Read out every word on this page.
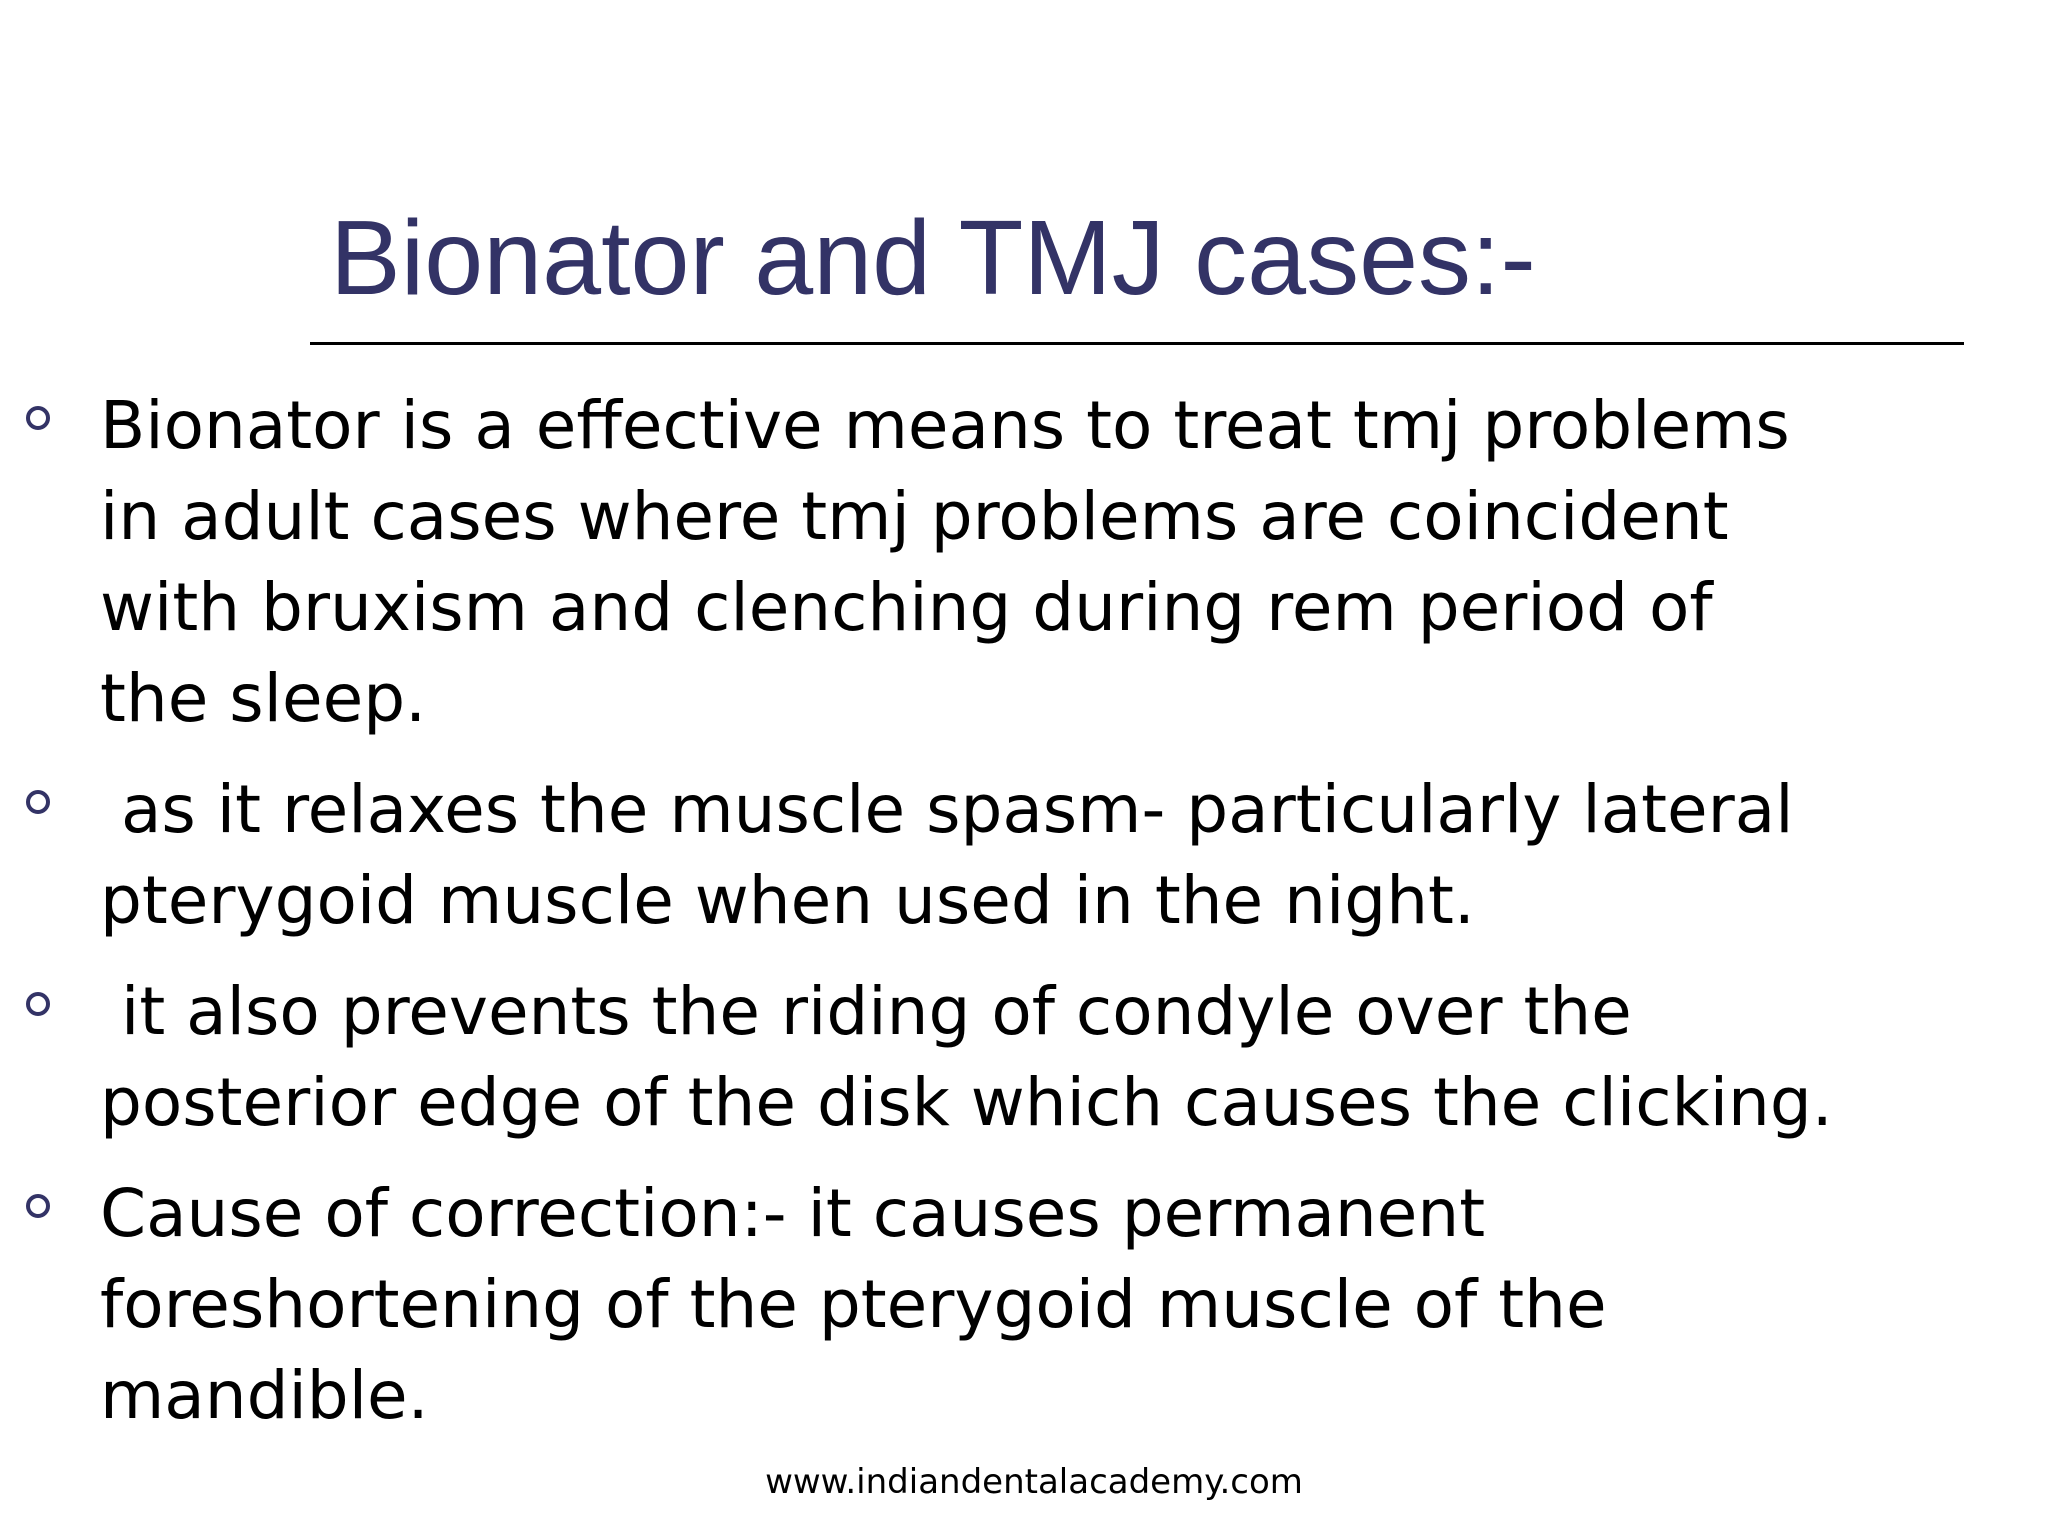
Bionator and TMJ cases:-
Bionator is a effective means to treat tmj problems
in adult cases where tmj problems are coincident
with bruxism and clenching during rem period of
the sleep.
as it relaxes the muscle spasm- particularly lateral
pterygoid muscle when used in the night.
it also prevents the riding of condyle over the
posterior edge of the disk which causes the clicking.
Cause of correction:- it causes permanent
foreshortening of the pterygoid muscle of the
mandible.
www.indiandentalacademy.com
